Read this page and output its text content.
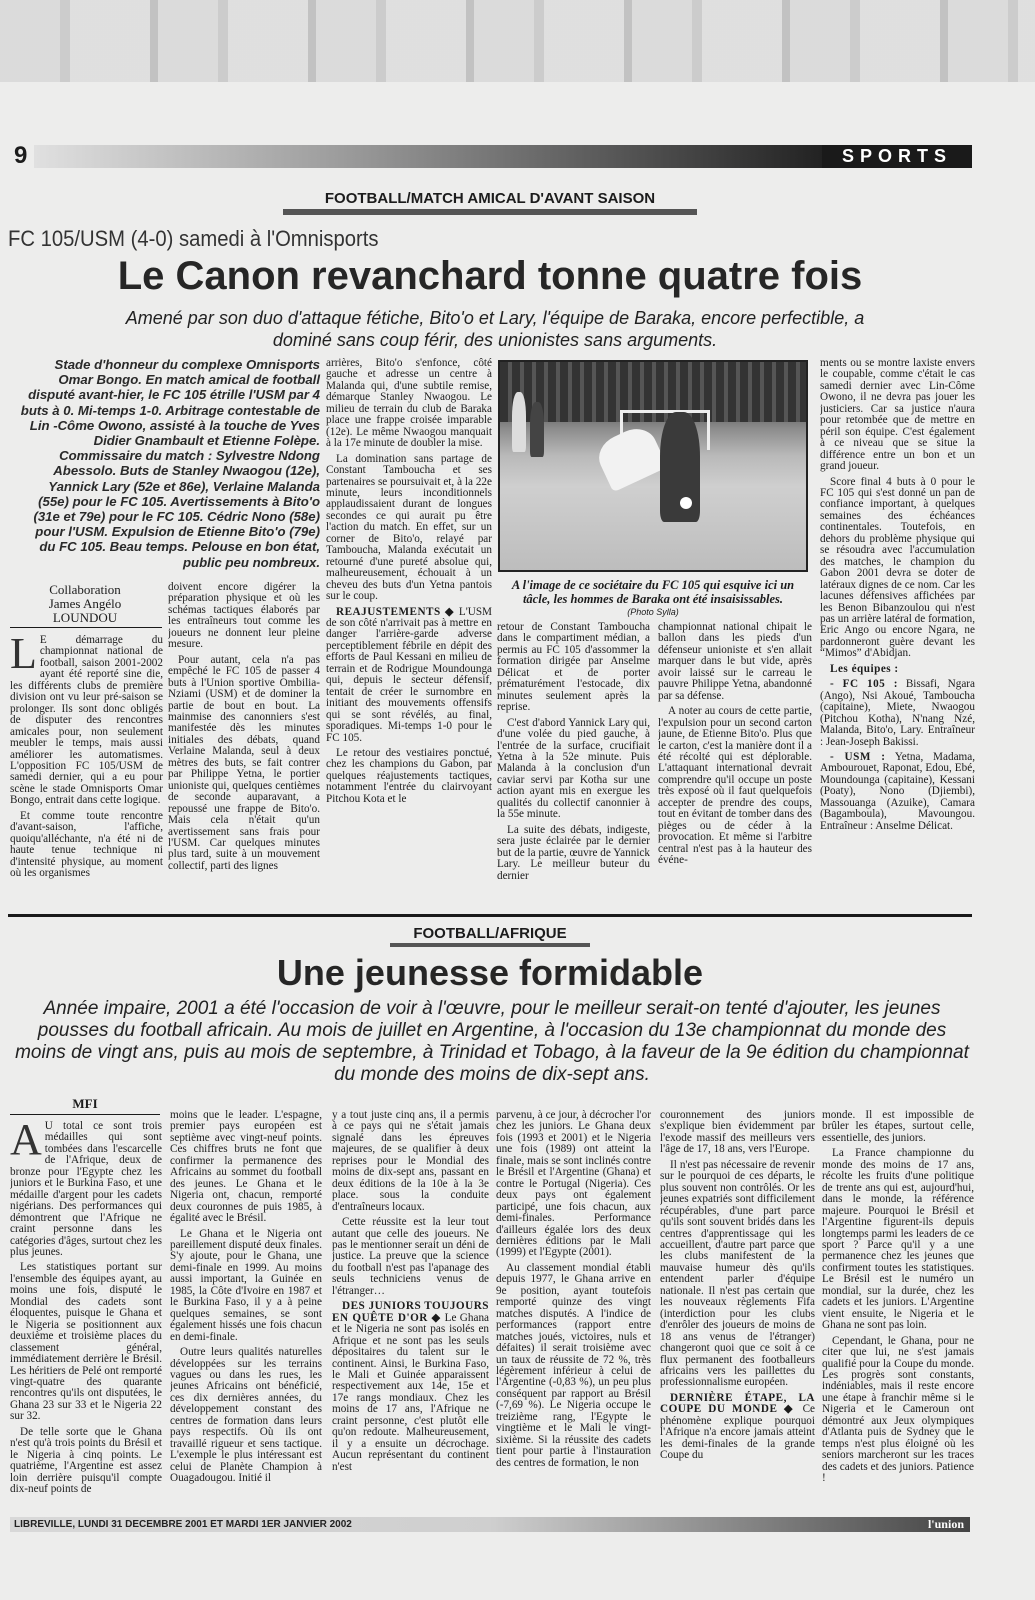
9	SPORTS
FOOTBALL/MATCH AMICAL D'AVANT SAISON
FC 105/USM (4-0) samedi à l'Omnisports
Le Canon revanchard tonne quatre fois
Amené par son duo d'attaque fétiche, Bito'o et Lary, l'équipe de Baraka, encore perfectible, a dominé sans coup férir, des unionistes sans arguments.
Stade d'honneur du complexe Omnisports Omar Bongo. En match amical de football disputé avant-hier, le FC 105 étrille l'USM par 4 buts à 0. Mi-temps 1-0. Arbitrage contestable de Lin -Côme Owono, assisté à la touche de Yves Didier Gnambault et Etienne Folèpe. Commissaire du match : Sylvestre Ndong Abessolo. Buts de Stanley Nwaogou (12e), Yannick Lary (52e et 86e), Verlaine Malanda (55e) pour le FC 105. Avertissements à Bito'o (31e et 79e) pour le FC 105. Cédric Nono (58e) pour l'USM. Expulsion de Etienne Bito'o (79e) du FC 105. Beau temps. Pelouse en bon état, public peu nombreux.
Collaboration
James Angélo
LOUNDOU

L E démarrage du championnat national de football, saison 2001-2002 ayant été reporté sine die, les différents clubs de première division ont vu leur pré-saison se prolonger. Ils sont donc obligés de disputer des rencontres amicales pour, non seulement meubler le temps, mais aussi améliorer les automatismes. L'opposition FC 105/USM de samedi dernier, qui a eu pour scène le stade Omnisports Omar Bongo, entrait dans cette logique.

Et comme toute rencontre d'avant-saison, l'affiche, quoiqu'alléchante, n'a été ni de haute tenue technique ni d'intensité physique, au moment où les organismes

doivent encore digérer la préparation physique et où les schémas tactiques élaborés par les entraîneurs tout comme les joueurs ne donnent leur pleine mesure.

Pour autant, cela n'a pas empêché le FC 105 de passer 4 buts à l'Union sportive Ombilia-Nziami (USM) et de dominer la partie de bout en bout. La mainmise des canonniers s'est manifestée dès les minutes initiales des débats, quand Verlaine Malanda, seul à deux mètres des buts, se fait contrer par Philippe Yetna, le portier unioniste qui, quelques centièmes de seconde auparavant, a repoussé une frappe de Bito'o. Mais cela n'était qu'un avertissement sans frais pour l'USM. Car quelques minutes plus tard, suite à un mouvement collectif, parti des lignes

arrières, Bito'o s'enfonce, côté gauche et adresse un centre à Malanda qui, d'une subtile remise, démarque Stanley Nwaogou. Le milieu de terrain du club de Baraka place une frappe croisée imparable (12e). Le même Nwaogou manquait à la 17e minute de doubler la mise.

La domination sans partage de Constant Tamboucha et ses partenaires se poursuivait et, à la 22e minute, leurs inconditionnels applaudissaient durant de longues secondes ce qui aurait pu être l'action du match. En effet, sur un corner de Bito'o, relayé par Tamboucha, Malanda exécutait un retourné d'une pureté absolue qui, malheureusement, échouait à un cheveu des buts d'un Yetna pantois sur le coup.

REAJUSTEMENTS ◆ L'USM de son côté n'arrivait pas à mettre en danger l'arrière-garde adverse perceptiblement fébrile en dépit des efforts de Paul Kessani en milieu de terrain et de Rodrigue Moundounga qui, depuis le secteur défensif, tentait de créer le surnombre en initiant des mouvements offensifs qui se sont révélés, au final, sporadiques. Mi-temps 1-0 pour le FC 105.

Le retour des vestiaires ponctué, chez les champions du Gabon, par quelques réajustements tactiques, notamment l'entrée du clairvoyant Pitchou Kota et le

A l'image de ce sociétaire du FC 105 qui esquive ici un tâcle, les hommes de Baraka ont été insaisissables.
(Photo Sylla)

retour de Constant Tamboucha dans le compartiment médian, a permis au FC 105 d'assommer la formation dirigée par Anselme Délicat et de porter prématurément l'estocade, dix minutes seulement après la reprise.

C'est d'abord Yannick Lary qui, d'une volée du pied gauche, à l'entrée de la surface, crucifiait Yetna à la 52e minute. Puis Malanda à la conclusion d'un caviar servi par Kotha sur une action ayant mis en exergue les qualités du collectif canonnier à la 55e minute.

La suite des débats, indigeste, sera juste éclairée par le dernier but de la partie, œuvre de Yannick Lary. Le meilleur buteur du dernier

championnat national chipait le ballon dans les pieds d'un défenseur unioniste et s'en allait marquer dans le but vide, après avoir laissé sur le carreau le pauvre Philippe Yetna, abandonné par sa défense.

A noter au cours de cette partie, l'expulsion pour un second carton jaune, de Etienne Bito'o. Plus que le carton, c'est la manière dont il a été récolté qui est déplorable. L'attaquant international devrait comprendre qu'il occupe un poste très exposé où il faut quelquefois accepter de prendre des coups, tout en évitant de tomber dans des pièges ou de céder à la provocation. Et même si l'arbitre central n'est pas à la hauteur des événe-

ments ou se montre laxiste envers le coupable, comme c'était le cas samedi dernier avec Lin-Côme Owono, il ne devra pas jouer les justiciers. Car sa justice n'aura pour retombée que de mettre en péril son équipe. C'est également à ce niveau que se situe la différence entre un bon et un grand joueur.

Score final 4 buts à 0 pour le FC 105 qui s'est donné un pan de confiance important, à quelques semaines des échéances continentales. Toutefois, en dehors du problème physique qui se résoudra avec l'accumulation des matches, le champion du Gabon 2001 devra se doter de latéraux dignes de ce nom. Car les lacunes défensives affichées par les Benon Bibanzoulou qui n'est pas un arrière latéral de formation, Eric Ango ou encore Ngara, ne pardonneront guère devant les “Mimos” d'Abidjan.

Les équipes :

- FC 105 : Bissafi, Ngara (Ango), Nsi Akoué, Tamboucha (capitaine), Miete, Nwaogou (Pitchou Kotha), N'nang Nzé, Malanda, Bito'o, Lary. Entraîneur : Jean-Joseph Bakissi.

- USM : Yetna, Madama, Ambourouet, Raponat, Edou, Ebé, Moundounga (capitaine), Kessani (Poaty), Nono (Djiembi), Massouanga (Azuike), Camara (Bagamboula), Mavoungou. Entraîneur : Anselme Délicat.

FOOTBALL/AFRIQUE
Une jeunesse formidable
Année impaire, 2001 a été l'occasion de voir à l'œuvre, pour le meilleur serait-on tenté d'ajouter, les jeunes pousses du football africain. Au mois de juillet en Argentine, à l'occasion du 13e championnat du monde des moins de vingt ans, puis au mois de septembre, à Trinidad et Tobago, à la faveur de la 9e édition du championnat du monde des moins de dix-sept ans.
MFI

A U total ce sont trois médailles qui sont tombées dans l'escarcelle de l'Afrique, deux de bronze pour l'Egypte chez les juniors et le Burkina Faso, et une médaille d'argent pour les cadets nigérians. Des performances qui démontrent que l'Afrique ne craint personne dans les catégories d'âges, surtout chez les plus jeunes.

Les statistiques portant sur l'ensemble des équipes ayant, au moins une fois, disputé le Mondial des cadets sont éloquentes, puisque le Ghana et le Nigeria se positionnent aux deuxième et troisième places du classement général, immédiatement derrière le Brésil. Les héritiers de Pelé ont remporté vingt-quatre des quarante rencontres qu'ils ont disputées, le Ghana 23 sur 33 et le Nigeria 22 sur 32.

De telle sorte que le Ghana n'est qu'à trois points du Brésil et le Nigeria à cinq points. Le quatrième, l'Argentine est assez loin derrière puisqu'il compte dix-neuf points de

moins que le leader. L'espagne, premier pays européen est septième avec vingt-neuf points. Ces chiffres bruts ne font que confirmer la permanence des Africains au sommet du football des jeunes. Le Ghana et le Nigeria ont, chacun, remporté deux couronnes de puis 1985, à égalité avec le Brésil.

Le Ghana et le Nigeria ont pareillement disputé deux finales. S'y ajoute, pour le Ghana, une demi-finale en 1999. Au moins aussi important, la Guinée en 1985, la Côte d'Ivoire en 1987 et le Burkina Faso, il y a à peine quelques semaines, se sont également hissés une fois chacun en demi-finale.

Outre leurs qualités naturelles développées sur les terrains vagues ou dans les rues, les jeunes Africains ont bénéficié, ces dix dernières années, du développement constant des centres de formation dans leurs pays respectifs. Où ils ont travaillé rigueur et sens tactique. L'exemple le plus intéressant est celui de Planète Champion à Ouagadougou. Initié il

y a tout juste cinq ans, il a permis à ce pays qui ne s'était jamais signalé dans les épreuves majeures, de se qualifier à deux reprises pour le Mondial des moins de dix-sept ans, passant en deux éditions de la 10e à la 3e place. sous la conduite d'entraîneurs locaux.

Cette réussite est la leur tout autant que celle des joueurs. Ne pas le mentionner serait un déni de justice. La preuve que la science du football n'est pas l'apanage des seuls techniciens venus de l'étranger…

DES JUNIORS TOUJOURS EN QUÊTE D'OR ◆ Le Ghana et le Nigeria ne sont pas isolés en Afrique et ne sont pas les seuls dépositaires du talent sur le continent. Ainsi, le Burkina Faso, le Mali et Guinée apparaissent respectivement aux 14e, 15e et 17e rangs mondiaux. Chez les moins de 17 ans, l'Afrique ne craint personne, c'est plutôt elle qu'on redoute. Malheureusement, il y a ensuite un décrochage. Aucun représentant du continent n'est

parvenu, à ce jour, à décrocher l'or chez les juniors. Le Ghana deux fois (1993 et 2001) et le Nigeria une fois (1989) ont atteint la finale, mais se sont inclinés contre le Brésil et l'Argentine (Ghana) et contre le Portugal (Nigeria). Ces deux pays ont également participé, une fois chacun, aux demi-finales. Performance d'ailleurs égalée lors des deux dernières éditions par le Mali (1999) et l'Egypte (2001).

Au classement mondial établi depuis 1977, le Ghana arrive en 9e position, ayant toutefois remporté quinze des vingt matches disputés. A l'indice de performances (rapport entre matches joués, victoires, nuls et défaites) il serait troisième avec un taux de réussite de 72 %, très légèrement inférieur à celui de l'Argentine (-0,83 %), un peu plus conséquent par rapport au Brésil (-7,69 %). Le Nigeria occupe le treizième rang, l'Egypte le vingtième et le Mali le vingt-sixième. Si la réussite des cadets tient pour partie à l'instauration des centres de formation, le non

couronnement des juniors s'explique bien évidemment par l'exode massif des meilleurs vers l'âge de 17, 18 ans, vers l'Europe.

Il n'est pas nécessaire de revenir sur le pourquoi de ces départs, le plus souvent non contrôlés. Or les jeunes expatriés sont difficilement récupérables, d'une part parce qu'ils sont souvent bridés dans les centres d'apprentissage qui les accueillent, d'autre part parce que les clubs manifestent de la mauvaise humeur dès qu'ils entendent parler d'équipe nationale. Il n'est pas certain que les nouveaux règlements Fifa (interdiction pour les clubs d'enrôler des joueurs de moins de 18 ans venus de l'étranger) changeront quoi que ce soit à ce flux permanent des footballeurs africains vers les paillettes du professionnalisme européen.

DERNIÈRE ÉTAPE, LA COUPE DU MONDE ◆ Ce phénomène explique pourquoi l'Afrique n'a encore jamais atteint les demi-finales de la grande Coupe du

monde. Il est impossible de brûler les étapes, surtout celle, essentielle, des juniors.

La France championne du monde des moins de 17 ans, récolte les fruits d'une politique de trente ans qui est, aujourd'hui, dans le monde, la référence majeure. Pourquoi le Brésil et l'Argentine figurent-ils depuis longtemps parmi les leaders de ce sport ? Parce qu'il y a une permanence chez les jeunes que confirment toutes les statistiques. Le Brésil est le numéro un mondial, sur la durée, chez les cadets et les juniors. L'Argentine vient ensuite, le Nigeria et le Ghana ne sont pas loin.

Cependant, le Ghana, pour ne citer que lui, ne s'est jamais qualifié pour la Coupe du monde. Les progrès sont constants, indéniables, mais il reste encore une étape à franchir même si le Nigeria et le Cameroun ont démontré aux Jeux olympiques d'Atlanta puis de Sydney que le temps n'est plus éloigné où les seniors marcheront sur les traces des cadets et des juniors. Patience !

LIBREVILLE, LUNDI 31 DECEMBRE 2001 ET MARDI 1ER JANVIER 2002	l'union
